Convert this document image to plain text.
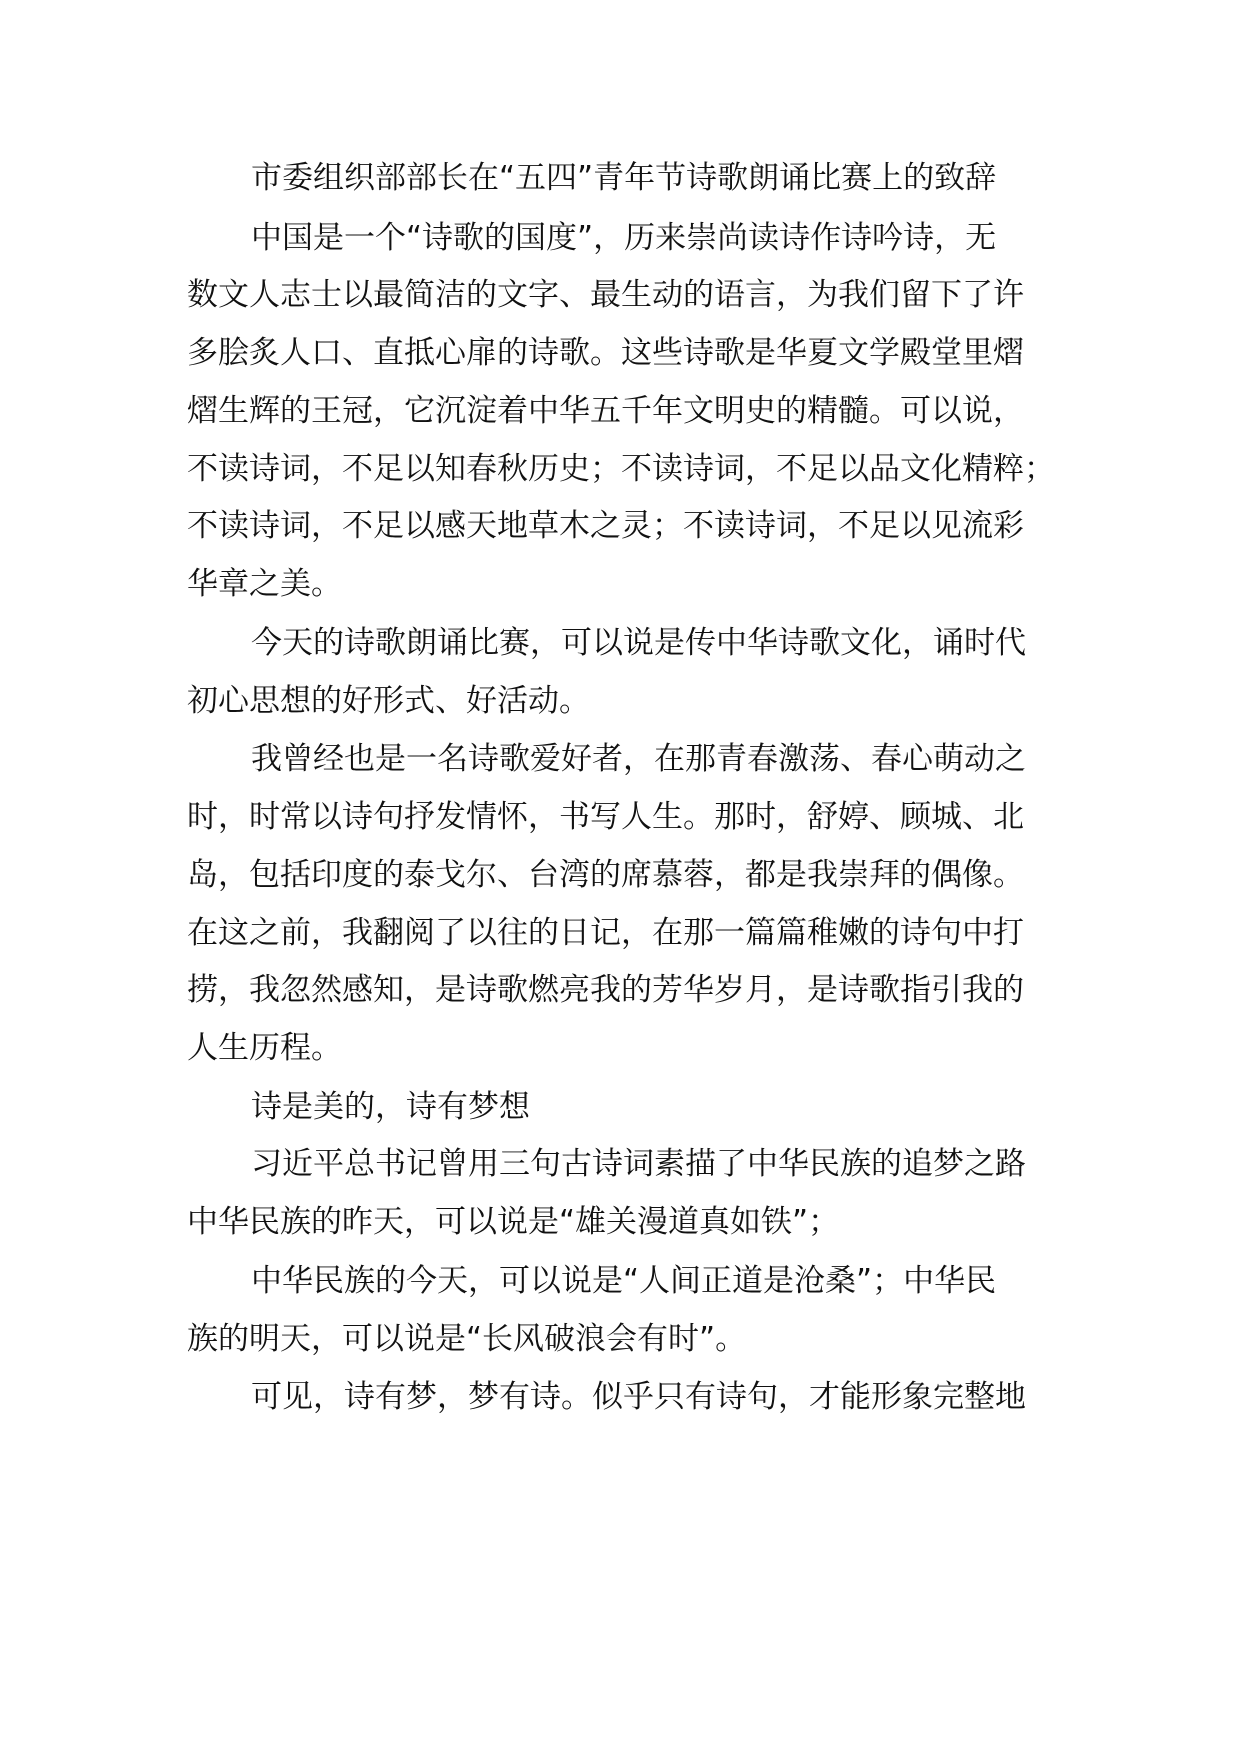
市委组织部部长在“五四”青年节诗歌朗诵比赛上的致辞

中国是一个“诗歌的国度”，历来崇尚读诗作诗吟诗，无

数文人志士以最简洁的文字、最生动的语言，为我们留下了许

多脍炙人口、直抵心扉的诗歌。这些诗歌是华夏文学殿堂里熠

熠生辉的王冠，它沉淀着中华五千年文明史的精髓。可以说，

不读诗词，不足以知春秋历史；不读诗词，不足以品文化精粹；

不读诗词，不足以感天地草木之灵；不读诗词，不足以见流彩

华章之美。

今天的诗歌朗诵比赛，可以说是传中华诗歌文化，诵时代

初心思想的好形式、好活动。

我曾经也是一名诗歌爱好者，在那青春激荡、春心萌动之

时，时常以诗句抒发情怀，书写人生。那时，舒婷、顾城、北

岛，包括印度的泰戈尔、台湾的席慕蓉，都是我崇拜的偶像。

在这之前，我翻阅了以往的日记，在那一篇篇稚嫩的诗句中打

捞，我忽然感知，是诗歌燃亮我的芳华岁月，是诗歌指引我的

人生历程。

诗是美的，诗有梦想

习近平总书记曾用三句古诗词素描了中华民族的追梦之路

中华民族的昨天，可以说是“雄关漫道真如铁”；

中华民族的今天，可以说是“人间正道是沧桑”；中华民

族的明天，可以说是“长风破浪会有时”。

可见，诗有梦，梦有诗。似乎只有诗句，才能形象完整地
